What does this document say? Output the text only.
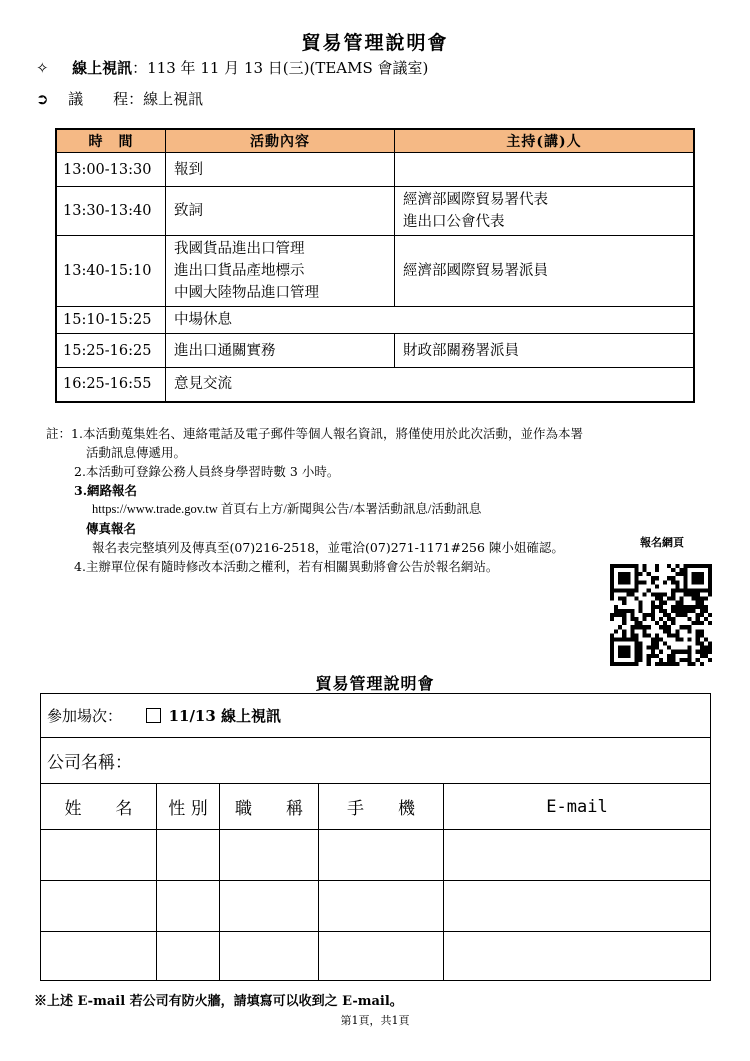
貿易管理說明會
✧ 線上視訊：113 年 11 月 13 日(三)(TEAMS 會議室)
➲ 議　　程：線上視訊
時　間	活動內容	主持(講)人
13:00-13:30	報到	

13:30-13:40	致詞	經濟部國際貿易署代表
進出口公會代表

13:40-15:10	我國貨品進出口管理
進出口貨品產地標示
中國大陸物品進口管理	經濟部國際貿易署派員

15:10-15:25	中場休息	

15:25-16:25	進出口通關實務	財政部關務署派員

16:25-16:55	意見交流	
註：1.本活動蒐集姓名、連絡電話及電子郵件等個人報名資訊，將僅使用於此次活動，並作為本署
活動訊息傳遞用。
2.本活動可登錄公務人員終身學習時數 3 小時。
3.網路報名
https://www.trade.gov.tw 首頁右上方/新聞與公告/本署活動訊息/活動訊息
傳真報名
報名表完整填列及傳真至(07)216-2518，並電洽(07)271-1171#256 陳小姐確認。
4.主辦單位保有隨時修改本活動之權利，若有相關異動將會公告於報名網站。
報名網頁
貿易管理說明會
參加場次： 11/13 線上視訊				
公司名稱：				
姓　　名	性 別	職　　稱	手　　機	E-mail

※上述 E-mail 若公司有防火牆，請填寫可以收到之 E-mail。
第1頁，共1頁
